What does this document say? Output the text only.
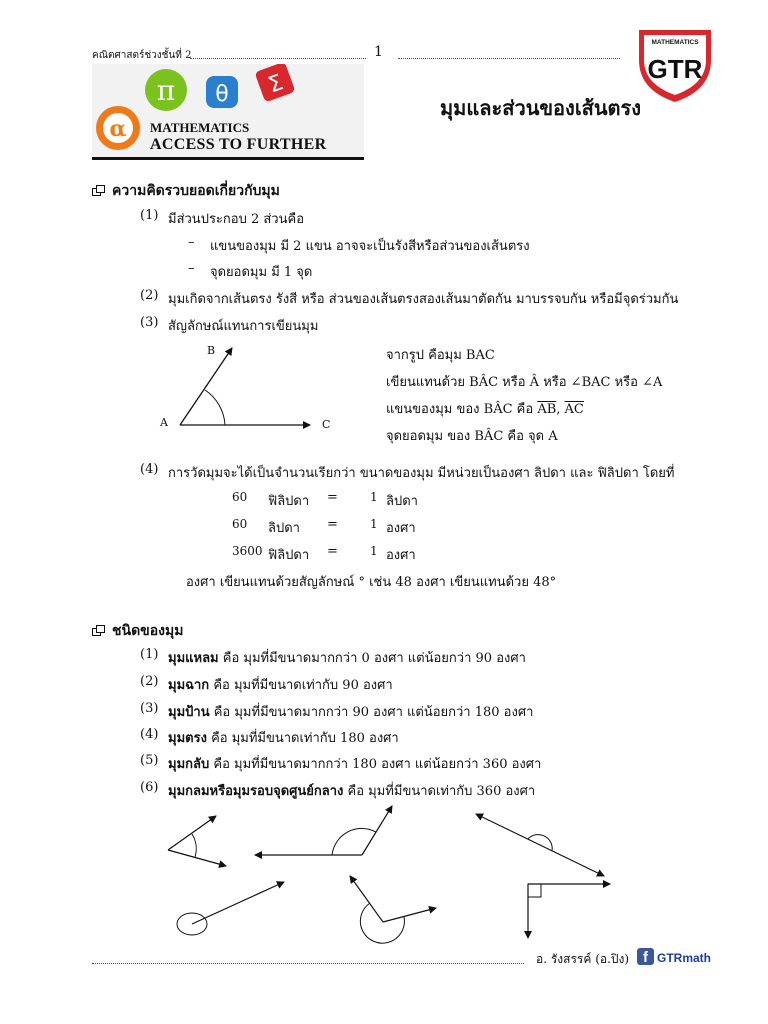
คณิตศาสตร์ช่วงชั้นที่ 2	1
MATHEMATICS
GTR
π θ Σ
α MATHEMATICS
ACCESS TO FURTHER
มุมและส่วนของเส้นตรง
ความคิดรวบยอดเกี่ยวกับมุม
(1) มีส่วนประกอบ 2 ส่วนคือ
– แขนของมุม มี 2 แขน อาจจะเป็นรังสีหรือส่วนของเส้นตรง
– จุดยอดมุม มี 1 จุด
(2) มุมเกิดจากเส้นตรง รังสี หรือ ส่วนของเส้นตรงสองเส้นมาตัดกัน มาบรรจบกัน หรือมีจุดร่วมกัน
(3) สัญลักษณ์แทนการเขียนมุม
B
A	C
จากรูป คือมุม BAC
เขียนแทนด้วย BÂC หรือ Â หรือ ∠BAC หรือ ∠A
แขนของมุม ของ BÂC คือ $\overline{AB}$, $\overline{AC}$
จุดยอดมุม ของ BÂC คือ จุด A
(4) การวัดมุมจะได้เป็นจำนวนเรียกว่า ขนาดของมุม มีหน่วยเป็นองศา ลิปดา และ ฟิลิปดา โดยที่
60 ฟิลิปดา =	1 ลิปดา
60 ลิปดา =	1 องศา
3600 ฟิลิปดา =	1 องศา
องศา เขียนแทนด้วยสัญลักษณ์ ° เช่น 48 องศา เขียนแทนด้วย 48°
ชนิดของมุม
(1) มุมแหลม คือ มุมที่มีขนาดมากกว่า 0 องศา แต่น้อยกว่า 90 องศา
(2) มุมฉาก คือ มุมที่มีขนาดเท่ากับ 90 องศา
(3) มุมป้าน คือ มุมที่มีขนาดมากกว่า 90 องศา แต่น้อยกว่า 180 องศา
(4) มุมตรง คือ มุมที่มีขนาดเท่ากับ 180 องศา
(5) มุมกลับ คือ มุมที่มีขนาดมากกว่า 180 องศา แต่น้อยกว่า 360 องศา
(6) มุมกลมหรือมุมรอบจุดศูนย์กลาง คือ มุมที่มีขนาดเท่ากับ 360 องศา
อ. รังสรรค์ (อ.ปิง) f GTRmath
